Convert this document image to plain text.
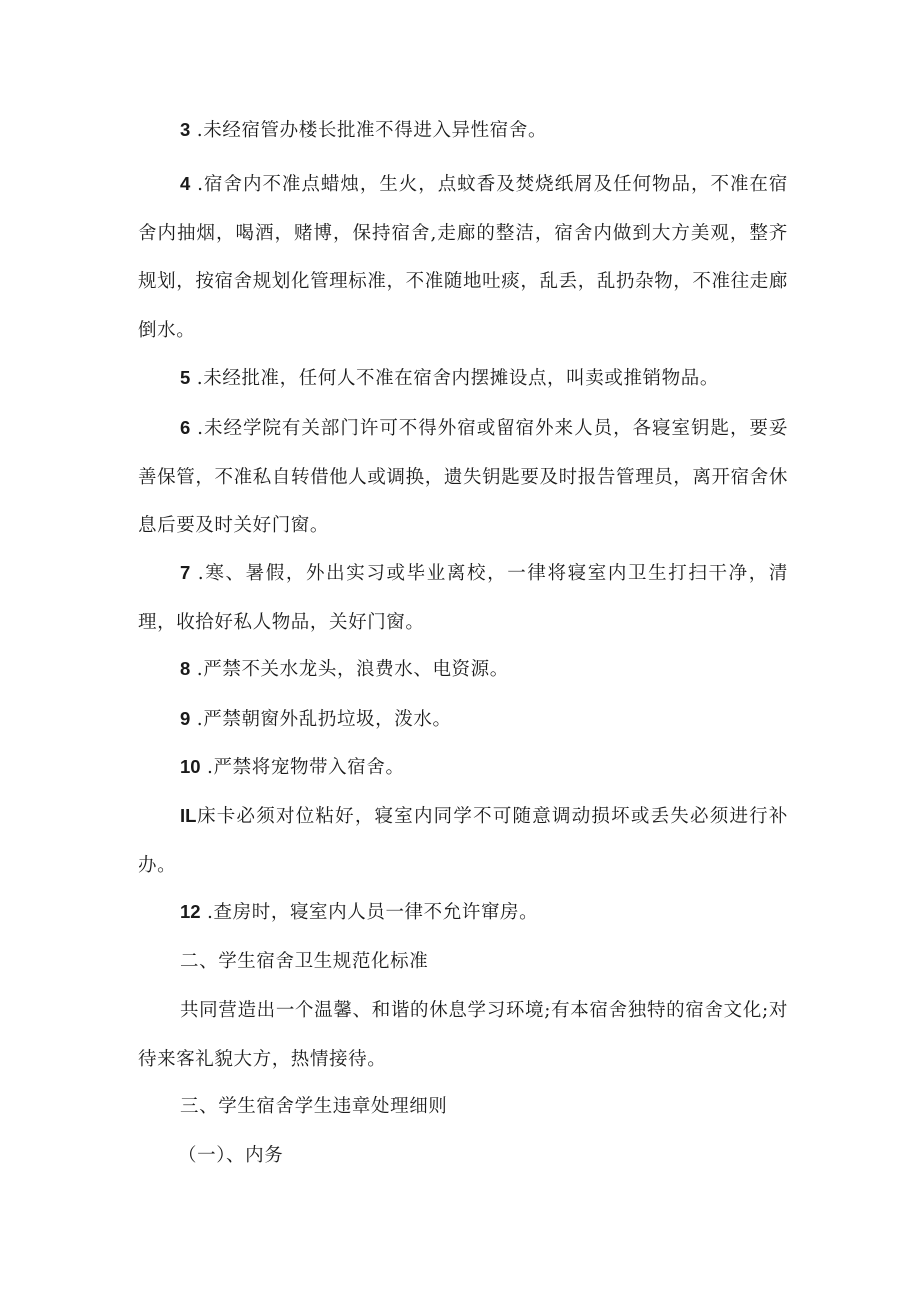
3 .未经宿管办楼长批准不得进入异性宿舍。

4 .宿舍内不准点蜡烛，生火，点蚊香及焚烧纸屑及任何物品，不准在宿舍内抽烟，喝酒，赌博，保持宿舍,走廊的整洁，宿舍内做到大方美观，整齐规划，按宿舍规划化管理标准，不准随地吐痰，乱丢，乱扔杂物，不准往走廊倒水。

5 .未经批准，任何人不准在宿舍内摆摊设点，叫卖或推销物品。

6 .未经学院有关部门许可不得外宿或留宿外来人员，各寝室钥匙，要妥善保管，不准私自转借他人或调换，遗失钥匙要及时报告管理员，离开宿舍休息后要及时关好门窗。

7 .寒、暑假，外出实习或毕业离校，一律将寝室内卫生打扫干净，清理，收拾好私人物品，关好门窗。

8 .严禁不关水龙头，浪费水、电资源。

9 .严禁朝窗外乱扔垃圾，泼水。

10 .严禁将宠物带入宿舍。

IL床卡必须对位粘好，寝室内同学不可随意调动损坏或丢失必须进行补办。

12 .查房时，寝室内人员一律不允许窜房。

二、学生宿舍卫生规范化标准

共同营造出一个温馨、和谐的休息学习环境;有本宿舍独特的宿舍文化;对待来客礼貌大方，热情接待。

三、学生宿舍学生违章处理细则

（一）、内务
